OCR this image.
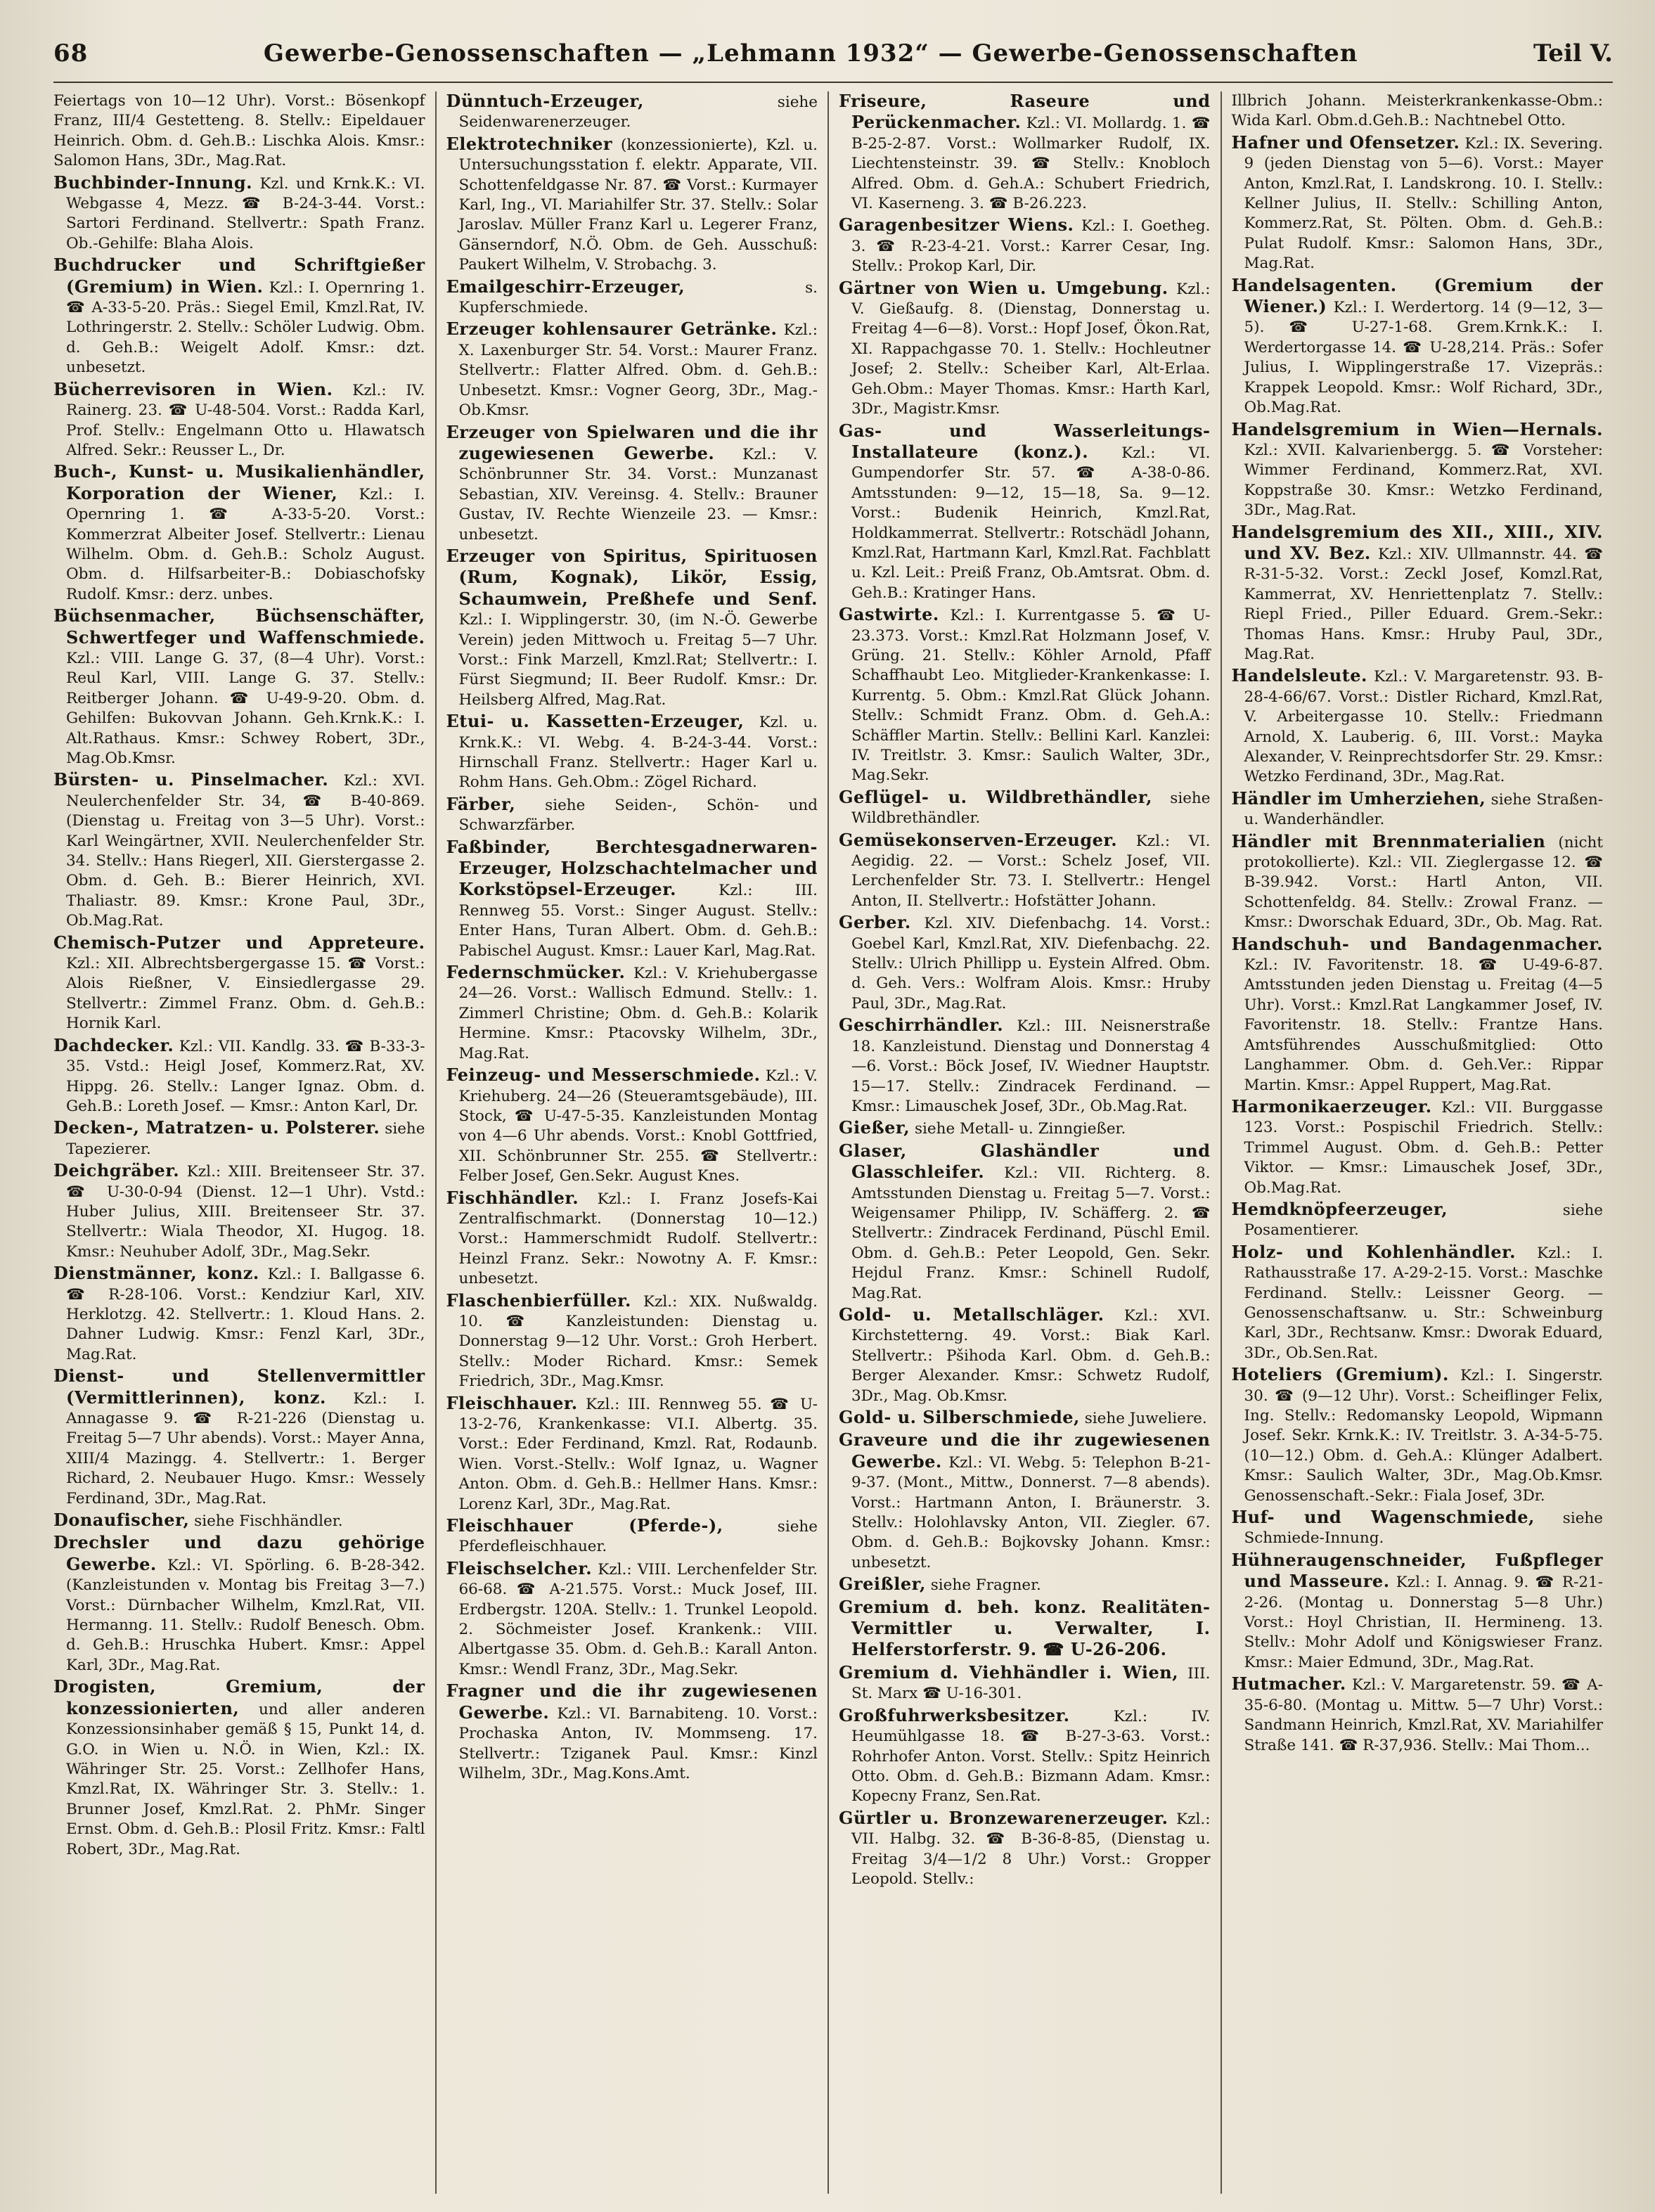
68	Gewerbe-Genossenschaften — „Lehmann 1932“ — Gewerbe-Genossenschaften	Teil V.

Feiertags von 10—12 Uhr). Vorst.: Bösenkopf Franz, III/4 Gestetteng. 8. Stellv.: Eipeldauer Heinrich. Obm. d. Geh.B.: Lischka Alois. Kmsr.: Salomon Hans, 3Dr., Mag.Rat.

Buchbinder-Innung. Kzl. und Krnk.K.: VI. Webgasse 4, Mezz. ☎ B-24-3-44. Vorst.: Sartori Ferdinand. Stellvertr.: Spath Franz. Ob.-Gehilfe: Blaha Alois.

Buchdrucker und Schriftgießer (Gremium) in Wien. Kzl.: I. Opernring 1. ☎ A-33-5-20. Präs.: Siegel Emil, Kmzl.Rat, IV. Lothringerstr. 2. Stellv.: Schöler Ludwig. Obm. d. Geh.B.: Weigelt Adolf. Kmsr.: dzt. unbesetzt.

Bücherrevisoren in Wien. Kzl.: IV. Rainerg. 23. ☎ U-48-504. Vorst.: Radda Karl, Prof. Stellv.: Engelmann Otto u. Hlawatsch Alfred. Sekr.: Reusser L., Dr.

Buch-, Kunst- u. Musikalienhändler, Korporation der Wiener, Kzl.: I. Opernring 1. ☎ A-33-5-20. Vorst.: Kommerzrat Albeiter Josef. Stellvertr.: Lienau Wilhelm. Obm. d. Geh.B.: Scholz August. Obm. d. Hilfsarbeiter-B.: Dobiaschofsky Rudolf. Kmsr.: derz. unbes.

Büchsenmacher, Büchsenschäfter, Schwertfeger und Waffenschmiede. Kzl.: VIII. Lange G. 37, (8—4 Uhr). Vorst.: Reul Karl, VIII. Lange G. 37. Stellv.: Reitberger Johann. ☎ U-49-9-20. Obm. d. Gehilfen: Bukovvan Johann. Geh.Krnk.K.: I. Alt.Rathaus. Kmsr.: Schwey Robert, 3Dr., Mag.Ob.Kmsr.

Bürsten- u. Pinselmacher. Kzl.: XVI. Neulerchenfelder Str. 34, ☎ B-40-869. (Dienstag u. Freitag von 3—5 Uhr). Vorst.: Karl Weingärtner, XVII. Neulerchenfelder Str. 34. Stellv.: Hans Riegerl, XII. Gierstergasse 2. Obm. d. Geh. B.: Bierer Heinrich, XVI. Thaliastr. 89. Kmsr.: Krone Paul, 3Dr., Ob.Mag.Rat.

Chemisch-Putzer und Appreteure. Kzl.: XII. Albrechtsbergergasse 15. ☎ Vorst.: Alois Rießner, V. Einsiedlergasse 29. Stellvertr.: Zimmel Franz. Obm. d. Geh.B.: Hornik Karl.

Dachdecker. Kzl.: VII. Kandlg. 33. ☎ B-33-3-35. Vstd.: Heigl Josef, Kommerz.Rat, XV. Hippg. 26. Stellv.: Langer Ignaz. Obm. d. Geh.B.: Loreth Josef. — Kmsr.: Anton Karl, Dr.

Decken-, Matratzen- u. Polsterer. siehe Tapezierer.

Deichgräber. Kzl.: XIII. Breitenseer Str. 37. ☎ U-30-0-94 (Dienst. 12—1 Uhr). Vstd.: Huber Julius, XIII. Breitenseer Str. 37. Stellvertr.: Wiala Theodor, XI. Hugog. 18. Kmsr.: Neuhuber Adolf, 3Dr., Mag.Sekr.

Dienstmänner, konz. Kzl.: I. Ballgasse 6. ☎ R-28-106. Vorst.: Kendziur Karl, XIV. Herklotzg. 42. Stellvertr.: 1. Kloud Hans. 2. Dahner Ludwig. Kmsr.: Fenzl Karl, 3Dr., Mag.Rat.

Dienst- und Stellenvermittler (Vermittlerinnen), konz. Kzl.: I. Annagasse 9. ☎ R-21-226 (Dienstag u. Freitag 5—7 Uhr abends). Vorst.: Mayer Anna, XIII/4 Mazingg. 4. Stellvertr.: 1. Berger Richard, 2. Neubauer Hugo. Kmsr.: Wessely Ferdinand, 3Dr., Mag.Rat.

Donaufischer, siehe Fischhändler.

Drechsler und dazu gehörige Gewerbe. Kzl.: VI. Spörling. 6. B-28-342. (Kanzleistunden v. Montag bis Freitag 3—7.) Vorst.: Dürnbacher Wilhelm, Kmzl.Rat, VII. Hermanng. 11. Stellv.: Rudolf Benesch. Obm. d. Geh.B.: Hruschka Hubert. Kmsr.: Appel Karl, 3Dr., Mag.Rat.

Drogisten, Gremium, der konzessionierten, und aller anderen Konzessionsinhaber gemäß § 15, Punkt 14, d. G.O. in Wien u. N.Ö. in Wien, Kzl.: IX. Währinger Str. 25. Vorst.: Zellhofer Hans, Kmzl.Rat, IX. Währinger Str. 3. Stellv.: 1. Brunner Josef, Kmzl.Rat. 2. PhMr. Singer Ernst. Obm. d. Geh.B.: Plosil Fritz. Kmsr.: Faltl Robert, 3Dr., Mag.Rat.

Dünntuch-Erzeuger,	siehe Seidenwarenerzeuger.

Elektrotechniker (konzessionierte), Kzl. u. Untersuchungsstation f. elektr. Apparate, VII. Schottenfeldgasse Nr. 87. ☎ Vorst.: Kurmayer Karl, Ing., VI. Mariahilfer Str. 37. Stellv.: Solar Jaroslav. Müller Franz Karl u. Legerer Franz, Gänserndorf, N.Ö. Obm. de Geh. Ausschuß: Paukert Wilhelm, V. Strobachg. 3.

Emailgeschirr-Erzeuger,	s. Kupferschmiede.

Erzeuger kohlensaurer Getränke. Kzl.: X. Laxenburger Str. 54. Vorst.: Maurer Franz. Stellvertr.: Flatter Alfred. Obm. d. Geh.B.: Unbesetzt. Kmsr.: Vogner Georg, 3Dr., Mag.-Ob.Kmsr.

Erzeuger von Spielwaren und die ihr zugewiesenen Gewerbe. Kzl.: V. Schönbrunner Str. 34. Vorst.: Munzanast Sebastian, XIV. Vereinsg. 4. Stellv.: Brauner Gustav, IV. Rechte Wienzeile 23. — Kmsr.: unbesetzt.

Erzeuger von Spiritus, Spirituosen (Rum, Kognak), Likör, Essig, Schaumwein, Preßhefe und Senf. Kzl.: I. Wipplingerstr. 30, (im N.-Ö. Gewerbe Verein) jeden Mittwoch u. Freitag 5—7 Uhr. Vorst.: Fink Marzell, Kmzl.Rat; Stellvertr.: I. Fürst Siegmund; II. Beer Rudolf. Kmsr.: Dr. Heilsberg Alfred, Mag.Rat.

Etui- u. Kassetten-Erzeuger, Kzl. u. Krnk.K.: VI. Webg. 4. B-24-3-44. Vorst.: Hirnschall Franz. Stellvertr.: Hager Karl u. Rohm Hans. Geh.Obm.: Zögel Richard.

Färber, siehe Seiden-, Schön- und Schwarzfärber.

Faßbinder, Berchtesgadnerwaren-Erzeuger, Holzschachtelmacher und Korkstöpsel-Erzeuger.	Kzl.: III. Rennweg 55. Vorst.: Singer August. Stellv.: Enter Hans, Turan Albert. Obm. d. Geh.B.: Pabischel August. Kmsr.: Lauer Karl, Mag.Rat.

Federnschmücker. Kzl.: V. Kriehubergasse 24—26. Vorst.: Wallisch Edmund. Stellv.: 1. Zimmerl Christine; Obm. d. Geh.B.: Kolarik Hermine. Kmsr.: Ptacovsky Wilhelm, 3Dr., Mag.Rat.

Feinzeug- und Messerschmiede. Kzl.: V. Kriehuberg. 24—26 (Steueramtsgebäude), III. Stock, ☎ U-47-5-35. Kanzleistunden Montag von 4—6 Uhr abends. Vorst.: Knobl Gottfried, XII. Schönbrunner Str. 255. ☎ Stellvertr.: Felber Josef, Gen.Sekr. August Knes.

Fischhändler. Kzl.: I. Franz Josefs-Kai Zentralfischmarkt. (Donnerstag 10—12.) Vorst.: Hammerschmidt Rudolf. Stellvertr.: Heinzl Franz. Sekr.: Nowotny A. F. Kmsr.: unbesetzt.

Flaschenbierfüller. Kzl.: XIX. Nußwaldg. 10. ☎ Kanzleistunden: Dienstag u. Donnerstag 9—12 Uhr. Vorst.: Groh Herbert. Stellv.: Moder Richard. Kmsr.: Semek Friedrich, 3Dr., Mag.Kmsr.

Fleischhauer. Kzl.: III. Rennweg 55. ☎ U-13-2-76, Krankenkasse: VI.I. Albertg. 35. Vorst.: Eder Ferdinand, Kmzl. Rat, Rodaunb. Wien. Vorst.-Stellv.: Wolf Ignaz, u. Wagner Anton. Obm. d. Geh.B.: Hellmer Hans. Kmsr.: Lorenz Karl, 3Dr., Mag.Rat.

Fleischhauer (Pferde-),	siehe Pferdefleischhauer.

Fleischselcher. Kzl.: VIII. Lerchenfelder Str. 66-68. ☎ A-21.575. Vorst.: Muck Josef, III. Erdbergstr. 120A. Stellv.: 1. Trunkel Leopold. 2. Söchmeister Josef. Krankenk.: VIII. Albertgasse 35. Obm. d. Geh.B.: Karall Anton. Kmsr.: Wendl Franz, 3Dr., Mag.Sekr.

Fragner und die ihr zugewiesenen Gewerbe. Kzl.: VI. Barnabiteng. 10. Vorst.: Prochaska Anton, IV. Mommseng. 17. Stellvertr.: Tziganek Paul. Kmsr.: Kinzl Wilhelm, 3Dr., Mag.Kons.Amt.

Friseure, Raseure und Perückenmacher. Kzl.: VI. Mollardg. 1. ☎ B-25-2-87. Vorst.: Wollmarker Rudolf, IX. Liechtensteinstr. 39. ☎ Stellv.: Knobloch Alfred. Obm. d. Geh.A.: Schubert Friedrich, VI. Kaserneng. 3. ☎ B-26.223.

Garagenbesitzer Wiens. Kzl.: I. Goetheg. 3. ☎ R-23-4-21. Vorst.: Karrer Cesar, Ing. Stellv.: Prokop Karl, Dir.

Gärtner von Wien u. Umgebung. Kzl.: V. Gießaufg. 8. (Dienstag, Donnerstag u. Freitag 4—6—8). Vorst.: Hopf Josef, Ökon.Rat, XI. Rappachgasse 70. 1. Stellv.: Hochleutner Josef; 2. Stellv.: Scheiber Karl, Alt-Erlaa. Geh.Obm.: Mayer Thomas. Kmsr.: Harth Karl, 3Dr., Magistr.Kmsr.

Gas- und Wasserleitungs-Installateure (konz.). Kzl.: VI. Gumpendorfer Str. 57. ☎ A-38-0-86. Amtsstunden: 9—12, 15—18, Sa. 9—12. Vorst.: Budenik Heinrich, Kmzl.Rat, Holdkammerrat. Stellvertr.: Rotschädl Johann, Kmzl.Rat, Hartmann Karl, Kmzl.Rat. Fachblatt u. Kzl. Leit.: Preiß Franz, Ob.Amtsrat. Obm. d. Geh.B.: Kratinger Hans.

Gastwirte. Kzl.: I. Kurrentgasse 5. ☎ U-23.373. Vorst.: Kmzl.Rat Holzmann Josef, V. Grüng. 21. Stellv.: Köhler Arnold, Pfaff Schaffhaubt Leo. Mitglieder-Krankenkasse: I. Kurrentg. 5. Obm.: Kmzl.Rat Glück Johann. Stellv.: Schmidt Franz. Obm. d. Geh.A.: Schäffler Martin. Stellv.: Bellini Karl. Kanzlei: IV. Treitlstr. 3. Kmsr.: Saulich Walter, 3Dr., Mag.Sekr.

Geflügel- u. Wildbrethändler, siehe Wildbrethändler.

Gemüsekonserven-Erzeuger. Kzl.: VI. Aegidig. 22. — Vorst.: Schelz Josef, VII. Lerchenfelder Str. 73. I. Stellvertr.: Hengel Anton, II. Stellvertr.: Hofstätter Johann.

Gerber. Kzl. XIV. Diefenbachg. 14. Vorst.: Goebel Karl, Kmzl.Rat, XIV. Diefenbachg. 22. Stellv.: Ulrich Phillipp u. Eystein Alfred. Obm. d. Geh. Vers.: Wolfram Alois. Kmsr.: Hruby Paul, 3Dr., Mag.Rat.

Geschirrhändler. Kzl.: III. Neisnerstraße 18. Kanzleistund. Dienstag und Donnerstag 4—6. Vorst.: Böck Josef, IV. Wiedner Hauptstr. 15—17. Stellv.: Zindracek Ferdinand. — Kmsr.: Limauschek Josef, 3Dr., Ob.Mag.Rat.

Gießer, siehe Metall- u. Zinngießer.

Glaser, Glashändler und Glasschleifer. Kzl.: VII. Richterg. 8. Amtsstunden Dienstag u. Freitag 5—7. Vorst.: Weigensamer Philipp, IV. Schäfferg. 2. ☎ Stellvertr.: Zindracek Ferdinand, Püschl Emil. Obm. d. Geh.B.: Peter Leopold, Gen. Sekr. Hejdul Franz. Kmsr.: Schinell Rudolf, Mag.Rat.

Gold- u. Metallschläger. Kzl.: XVI. Kirchstetterng. 49. Vorst.: Biak Karl. Stellvertr.: Pšihoda Karl. Obm. d. Geh.B.: Berger Alexander. Kmsr.: Schwetz Rudolf, 3Dr., Mag. Ob.Kmsr.

Gold- u. Silberschmiede, siehe Juweliere.

Graveure und die ihr zugewiesenen Gewerbe. Kzl.: VI. Webg. 5: Telephon B-21-9-37. (Mont., Mittw., Donnerst. 7—8 abends). Vorst.: Hartmann Anton, I. Bräunerstr. 3. Stellv.: Holohlavsky Anton, VII. Ziegler. 67. Obm. d. Geh.B.: Bojkovsky Johann. Kmsr.: unbesetzt.

Greißler, siehe Fragner.

Gremium d. beh. konz. Realitäten-Vermittler u. Verwalter, I. Helferstorferstr. 9. ☎ U-26-206.

Gremium d. Viehhändler i. Wien, III. St. Marx ☎ U-16-301.

Großfuhrwerksbesitzer.	Kzl.: IV. Heumühlgasse 18. ☎ B-27-3-63. Vorst.: Rohrhofer Anton. Vorst. Stellv.: Spitz Heinrich Otto. Obm. d. Geh.B.: Bizmann Adam. Kmsr.: Kopecny Franz, Sen.Rat.

Gürtler u. Bronzewarenerzeuger. Kzl.: VII. Halbg. 32. ☎ B-36-8-85, (Dienstag u. Freitag 3/4—1/2 8 Uhr.) Vorst.: Gropper Leopold. Stellv.:

Illbrich Johann. Meisterkrankenkasse-Obm.: Wida Karl. Obm.d.Geh.B.: Nachtnebel Otto.

Hafner und Ofensetzer. Kzl.: IX. Severing. 9 (jeden Dienstag von 5—6). Vorst.: Mayer Anton, Kmzl.Rat, I. Landskrong. 10. I. Stellv.: Kellner Julius, II. Stellv.: Schilling Anton, Kommerz.Rat, St. Pölten. Obm. d. Geh.B.: Pulat Rudolf. Kmsr.: Salomon Hans, 3Dr., Mag.Rat.

Handelsagenten. (Gremium der Wiener.) Kzl.: I. Werdertorg. 14 (9—12, 3—5). ☎ U-27-1-68. Grem.Krnk.K.: I. Werdertorgasse 14. ☎ U-28,214. Präs.: Sofer Julius, I. Wipplingerstraße 17. Vizepräs.: Krappek Leopold. Kmsr.: Wolf Richard, 3Dr., Ob.Mag.Rat.

Handelsgremium in Wien—Hernals. Kzl.: XVII. Kalvarienbergg. 5. ☎ Vorsteher: Wimmer Ferdinand, Kommerz.Rat, XVI. Koppstraße 30. Kmsr.: Wetzko Ferdinand, 3Dr., Mag.Rat.

Handelsgremium des XII., XIII., XIV. und XV. Bez. Kzl.: XIV. Ullmannstr. 44. ☎ R-31-5-32. Vorst.: Zeckl Josef, Komzl.Rat, Kammerrat, XV. Henriettenplatz 7. Stellv.: Riepl Fried., Piller Eduard. Grem.-Sekr.: Thomas Hans. Kmsr.: Hruby Paul, 3Dr., Mag.Rat.

Handelsleute. Kzl.: V. Margaretenstr. 93. B-28-4-66/67. Vorst.: Distler Richard, Kmzl.Rat, V. Arbeitergasse 10. Stellv.: Friedmann Arnold, X. Lauberig. 6, III. Vorst.: Mayka Alexander, V. Reinprechtsdorfer Str. 29. Kmsr.: Wetzko Ferdinand, 3Dr., Mag.Rat.

Händler im Umherziehen, siehe Straßen- u. Wanderhändler.

Händler mit Brennmaterialien (nicht protokollierte). Kzl.: VII. Zieglergasse 12. ☎ B-39.942. Vorst.: Hartl Anton, VII. Schottenfeldg. 84. Stellv.: Zrowal Franz. — Kmsr.: Dworschak Eduard, 3Dr., Ob. Mag. Rat.

Handschuh- und Bandagenmacher. Kzl.: IV. Favoritenstr. 18. ☎ U-49-6-87. Amtsstunden jeden Dienstag u. Freitag (4—5 Uhr). Vorst.: Kmzl.Rat Langkammer Josef, IV. Favoritenstr. 18. Stellv.: Frantze Hans. Amtsführendes Ausschußmitglied: Otto Langhammer. Obm. d. Geh.Ver.: Rippar Martin. Kmsr.: Appel Ruppert, Mag.Rat.

Harmonikaerzeuger. Kzl.: VII. Burggasse 123. Vorst.: Pospischil Friedrich. Stellv.: Trimmel August. Obm. d. Geh.B.: Petter Viktor. — Kmsr.: Limauschek Josef, 3Dr., Ob.Mag.Rat.

Hemdknöpfeerzeuger,	siehe Posamentierer.

Holz- und Kohlenhändler. Kzl.: I. Rathausstraße 17. A-29-2-15. Vorst.: Maschke Ferdinand. Stellv.: Leissner Georg. — Genossenschaftsanw. u. Str.: Schweinburg Karl, 3Dr., Rechtsanw. Kmsr.: Dworak Eduard, 3Dr., Ob.Sen.Rat.

Hoteliers (Gremium). Kzl.: I. Singerstr. 30. ☎ (9—12 Uhr). Vorst.: Scheiflinger Felix, Ing. Stellv.: Redomansky Leopold, Wipmann Josef. Sekr. Krnk.K.: IV. Treitlstr. 3. A-34-5-75. (10—12.) Obm. d. Geh.A.: Klünger Adalbert. Kmsr.: Saulich Walter, 3Dr., Mag.Ob.Kmsr. Genossenschaft.-Sekr.: Fiala Josef, 3Dr.

Huf- und Wagenschmiede, siehe Schmiede-Innung.

Hühneraugenschneider, Fußpfleger und Masseure. Kzl.: I. Annag. 9. ☎ R-21-2-26. (Montag u. Donnerstag 5—8 Uhr.) Vorst.: Hoyl Christian, II. Hermineng. 13. Stellv.: Mohr Adolf und Königswieser Franz. Kmsr.: Maier Edmund, 3Dr., Mag.Rat.

Hutmacher. Kzl.: V. Margaretenstr. 59. ☎ A-35-6-80. (Montag u. Mittw. 5—7 Uhr) Vorst.: Sandmann Heinrich, Kmzl.Rat, XV. Mariahilfer Straße 141. ☎ R-37,936. Stellv.: Mai Thom...
